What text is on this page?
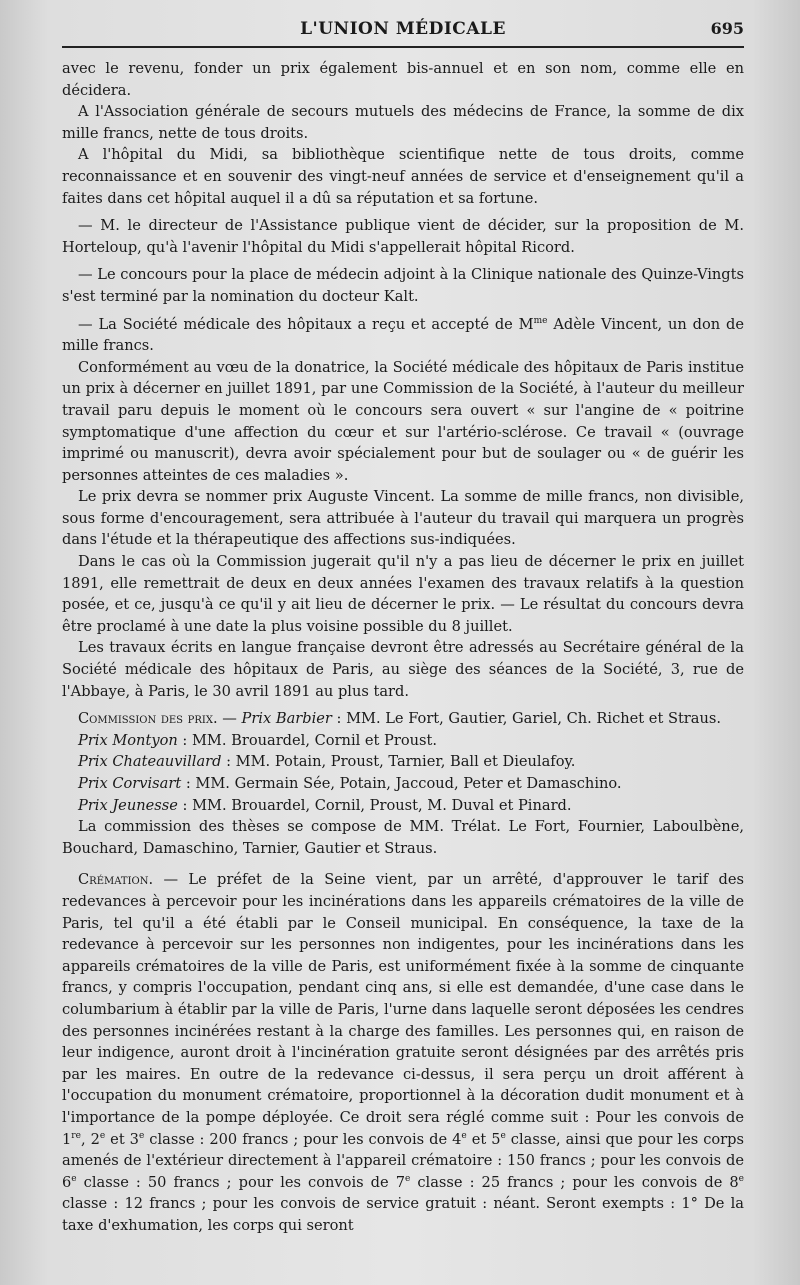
L'UNION MÉDICALE	695

avec le revenu, fonder un prix également bis-annuel et en son nom, comme elle en décidera.

A l'Association générale de secours mutuels des médecins de France, la somme de dix mille francs, nette de tous droits.

A l'hôpital du Midi, sa bibliothèque scientifique nette de tous droits, comme reconnaissance et en souvenir des vingt-neuf années de service et d'enseignement qu'il a faites dans cet hôpital auquel il a dû sa réputation et sa fortune.

— M. le directeur de l'Assistance publique vient de décider, sur la proposition de M. Horteloup, qu'à l'avenir l'hôpital du Midi s'appellerait hôpital Ricord.

— Le concours pour la place de médecin adjoint à la Clinique nationale des Quinze-Vingts s'est terminé par la nomination du docteur Kalt.

— La Société médicale des hôpitaux a reçu et accepté de $M^{me}$ Adèle Vincent, un don de mille francs.

Conformément au vœu de la donatrice, la Société médicale des hôpitaux de Paris institue un prix à décerner en juillet 1891, par une Commission de la Société, à l'auteur du meilleur travail paru depuis le moment où le concours sera ouvert « sur l'angine de « poitrine symptomatique d'une affection du cœur et sur l'artério-sclérose. Ce travail « (ouvrage imprimé ou manuscrit), devra avoir spécialement pour but de soulager ou « de guérir les personnes atteintes de ces maladies ».

Le prix devra se nommer prix Auguste Vincent. La somme de mille francs, non divisible, sous forme d'encouragement, sera attribuée à l'auteur du travail qui marquera un progrès dans l'étude et la thérapeutique des affections sus-indiquées.

Dans le cas où la Commission jugerait qu'il n'y a pas lieu de décerner le prix en juillet 1891, elle remettrait de deux en deux années l'examen des travaux relatifs à la question posée, et ce, jusqu'à ce qu'il y ait lieu de décerner le prix. — Le résultat du concours devra être proclamé à une date la plus voisine possible du 8 juillet.

Les travaux écrits en langue française devront être adressés au Secrétaire général de la Société médicale des hôpitaux de Paris, au siège des séances de la Société, 3, rue de l'Abbaye, à Paris, le 30 avril 1891 au plus tard.

Commission des prix. — Prix Barbier : MM. Le Fort, Gautier, Gariel, Ch. Richet et Straus.

Prix Montyon : MM. Brouardel, Cornil et Proust.

Prix Chateauvillard : MM. Potain, Proust, Tarnier, Ball et Dieulafoy.

Prix Corvisart : MM. Germain Sée, Potain, Jaccoud, Peter et Damaschino.

Prix Jeunesse : MM. Brouardel, Cornil, Proust, M. Duval et Pinard.

La commission des thèses se compose de MM. Trélat. Le Fort, Fournier, Laboulbène, Bouchard, Damaschino, Tarnier, Gautier et Straus.

Crémation. — Le préfet de la Seine vient, par un arrêté, d'approuver le tarif des redevances à percevoir pour les incinérations dans les appareils crématoires de la ville de Paris, tel qu'il a été établi par le Conseil municipal. En conséquence, la taxe de la redevance à percevoir sur les personnes non indigentes, pour les incinérations dans les appareils crématoires de la ville de Paris, est uniformément fixée à la somme de cinquante francs, y compris l'occupation, pendant cinq ans, si elle est demandée, d'une case dans le columbarium à établir par la ville de Paris, l'urne dans laquelle seront déposées les cendres des personnes incinérées restant à la charge des familles. Les personnes qui, en raison de leur indigence, auront droit à l'incinération gratuite seront désignées par des arrêtés pris par les maires. En outre de la redevance ci-dessus, il sera perçu un droit afférent à l'occupation du monument crématoire, proportionnel à la décoration dudit monument et à l'importance de la pompe déployée. Ce droit sera réglé comme suit : Pour les convois de 1re, 2e et 3e classe : 200 francs ; pour les convois de 4e et 5e classe, ainsi que pour les corps amenés de l'extérieur directement à l'appareil crématoire : 150 francs ; pour les convois de 6e classe : 50 francs ; pour les convois de 7e classe : 25 francs ; pour les convois de 8e classe : 12 francs ; pour les convois de service gratuit : néant. Seront exempts : 1° De la taxe d'exhumation, les corps qui seront
